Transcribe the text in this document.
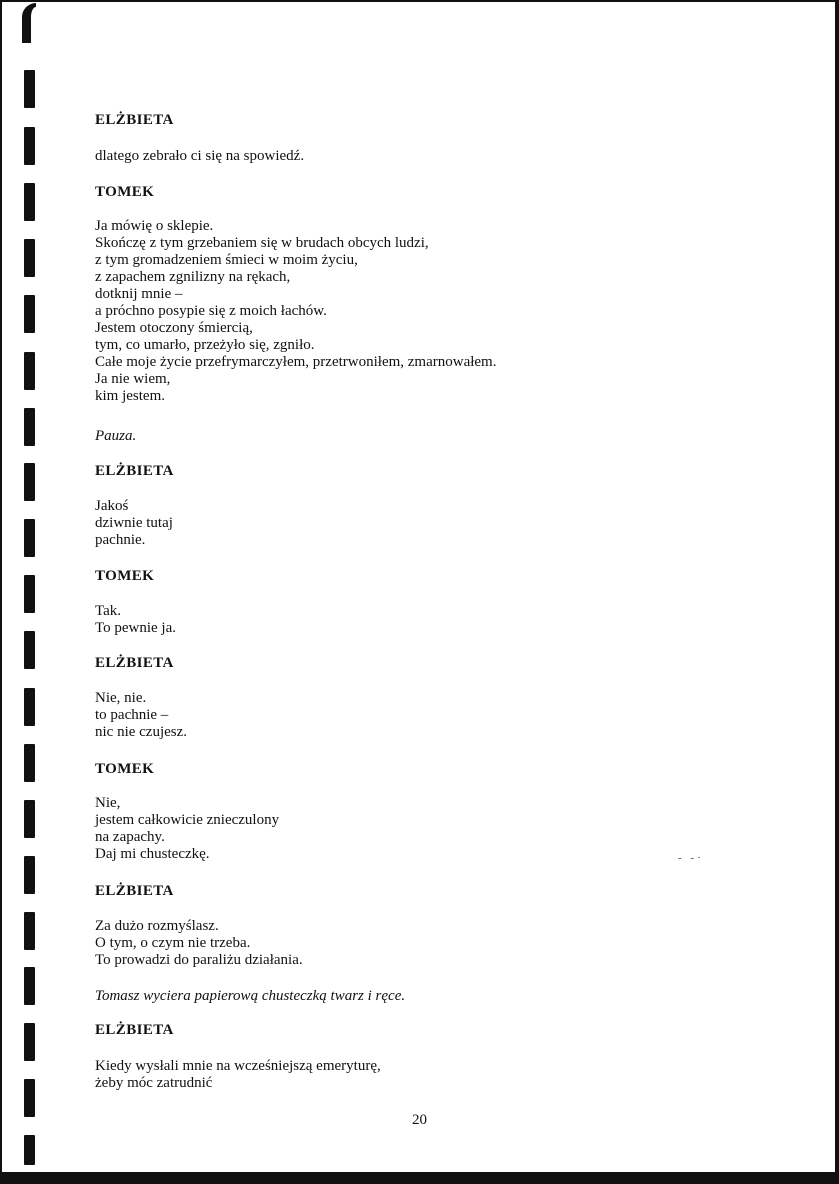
ELŻBIETA
dlatego zebrało ci się na spowiedź.
TOMEK
Ja mówię o sklepie.
Skończę z tym grzebaniem się w brudach obcych ludzi,
z tym gromadzeniem śmieci w moim życiu,
z zapachem zgnilizny na rękach,
dotknij mnie –
a próchno posypie się z moich łachów.
Jestem otoczony śmiercią,
tym, co umarło, przeżyło się, zgniło.
Całe moje życie przefrymarczyłem, przetrwoniłem, zmarnowałem.
Ja nie wiem,
kim jestem.
Pauza.
ELŻBIETA
Jakoś
dziwnie tutaj
pachnie.
TOMEK
Tak.
To pewnie ja.
ELŻBIETA
Nie, nie.
to pachnie –
nic nie czujesz.
TOMEK
Nie,
jestem całkowicie znieczulony
na zapachy.
Daj mi chusteczkę.
ELŻBIETA
Za dużo rozmyślasz.
O tym, o czym nie trzeba.
To prowadzi do paraliżu działania.
Tomasz wyciera papierową chusteczką twarz i ręce.
ELŻBIETA
Kiedy wysłali mnie na wcześniejszą emeryturę,
żeby móc zatrudnić
- -·
20
